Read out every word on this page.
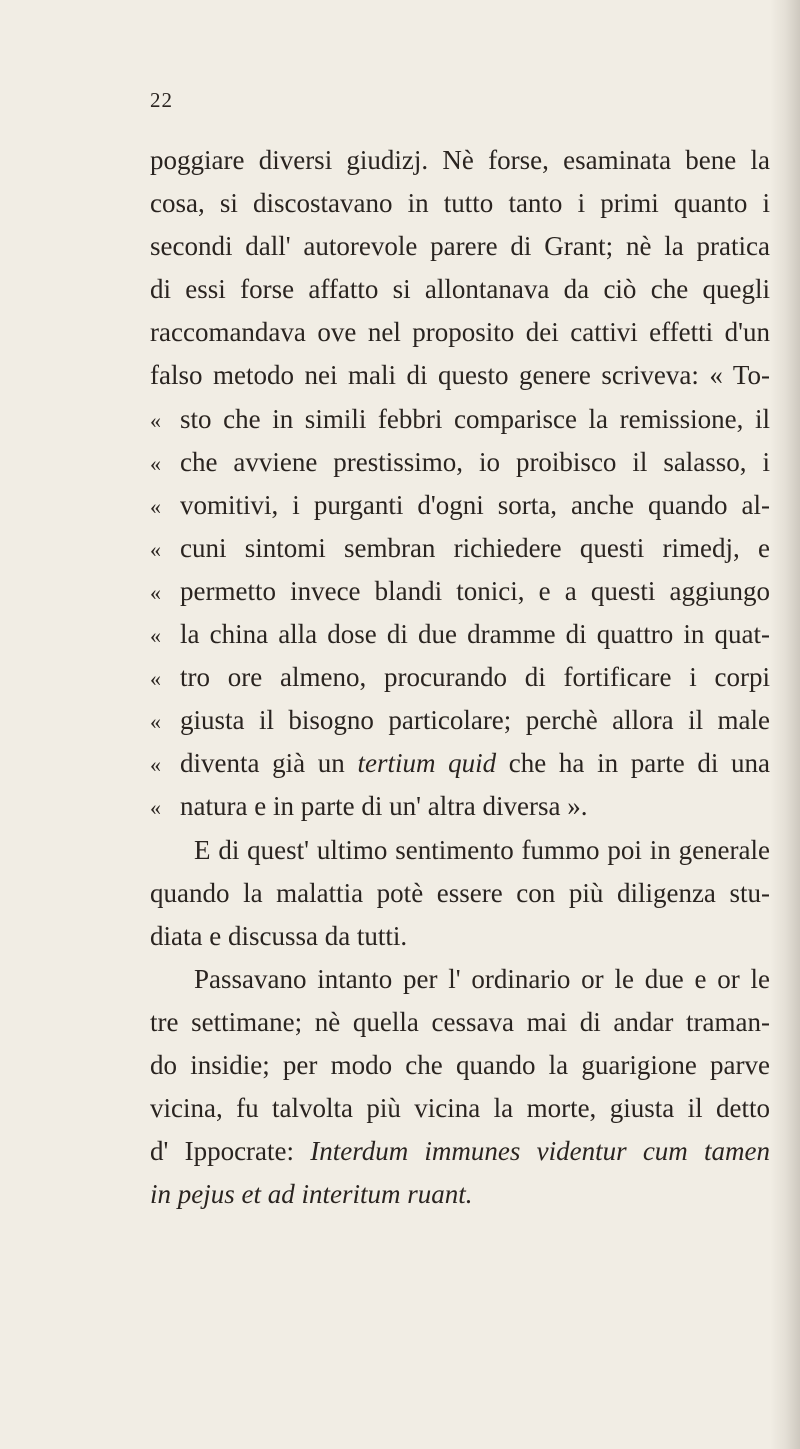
22
poggiare diversi giudizj. Nè forse, esaminata bene la
cosa, si discostavano in tutto tanto i primi quanto i
secondi dall' autorevole parere di Grant; nè la pratica
di essi forse affatto si allontanava da ciò che quegli
raccomandava ove nel proposito dei cattivi effetti d'un
falso metodo nei mali di questo genere scriveva: « To-
« sto che in simili febbri comparisce la remissione, il
« che avviene prestissimo, io proibisco il salasso, i
« vomitivi, i purganti d'ogni sorta, anche quando al-
« cuni sintomi sembran richiedere questi rimedj, e
« permetto invece blandi tonici, e a questi aggiungo
« la china alla dose di due dramme di quattro in quat-
« tro ore almeno, procurando di fortificare i corpi
« giusta il bisogno particolare; perchè allora il male
« diventa già un tertium quid che ha in parte di una
« natura e in parte di un' altra diversa ».
E di quest' ultimo sentimento fummo poi in generale
quando la malattia potè essere con più diligenza stu-
diata e discussa da tutti.
Passavano intanto per l' ordinario or le due e or le
tre settimane; nè quella cessava mai di andar traman-
do insidie; per modo che quando la guarigione parve
vicina, fu talvolta più vicina la morte, giusta il detto
d' Ippocrate: Interdum immunes videntur cum tamen
in pejus et ad interitum ruant.
